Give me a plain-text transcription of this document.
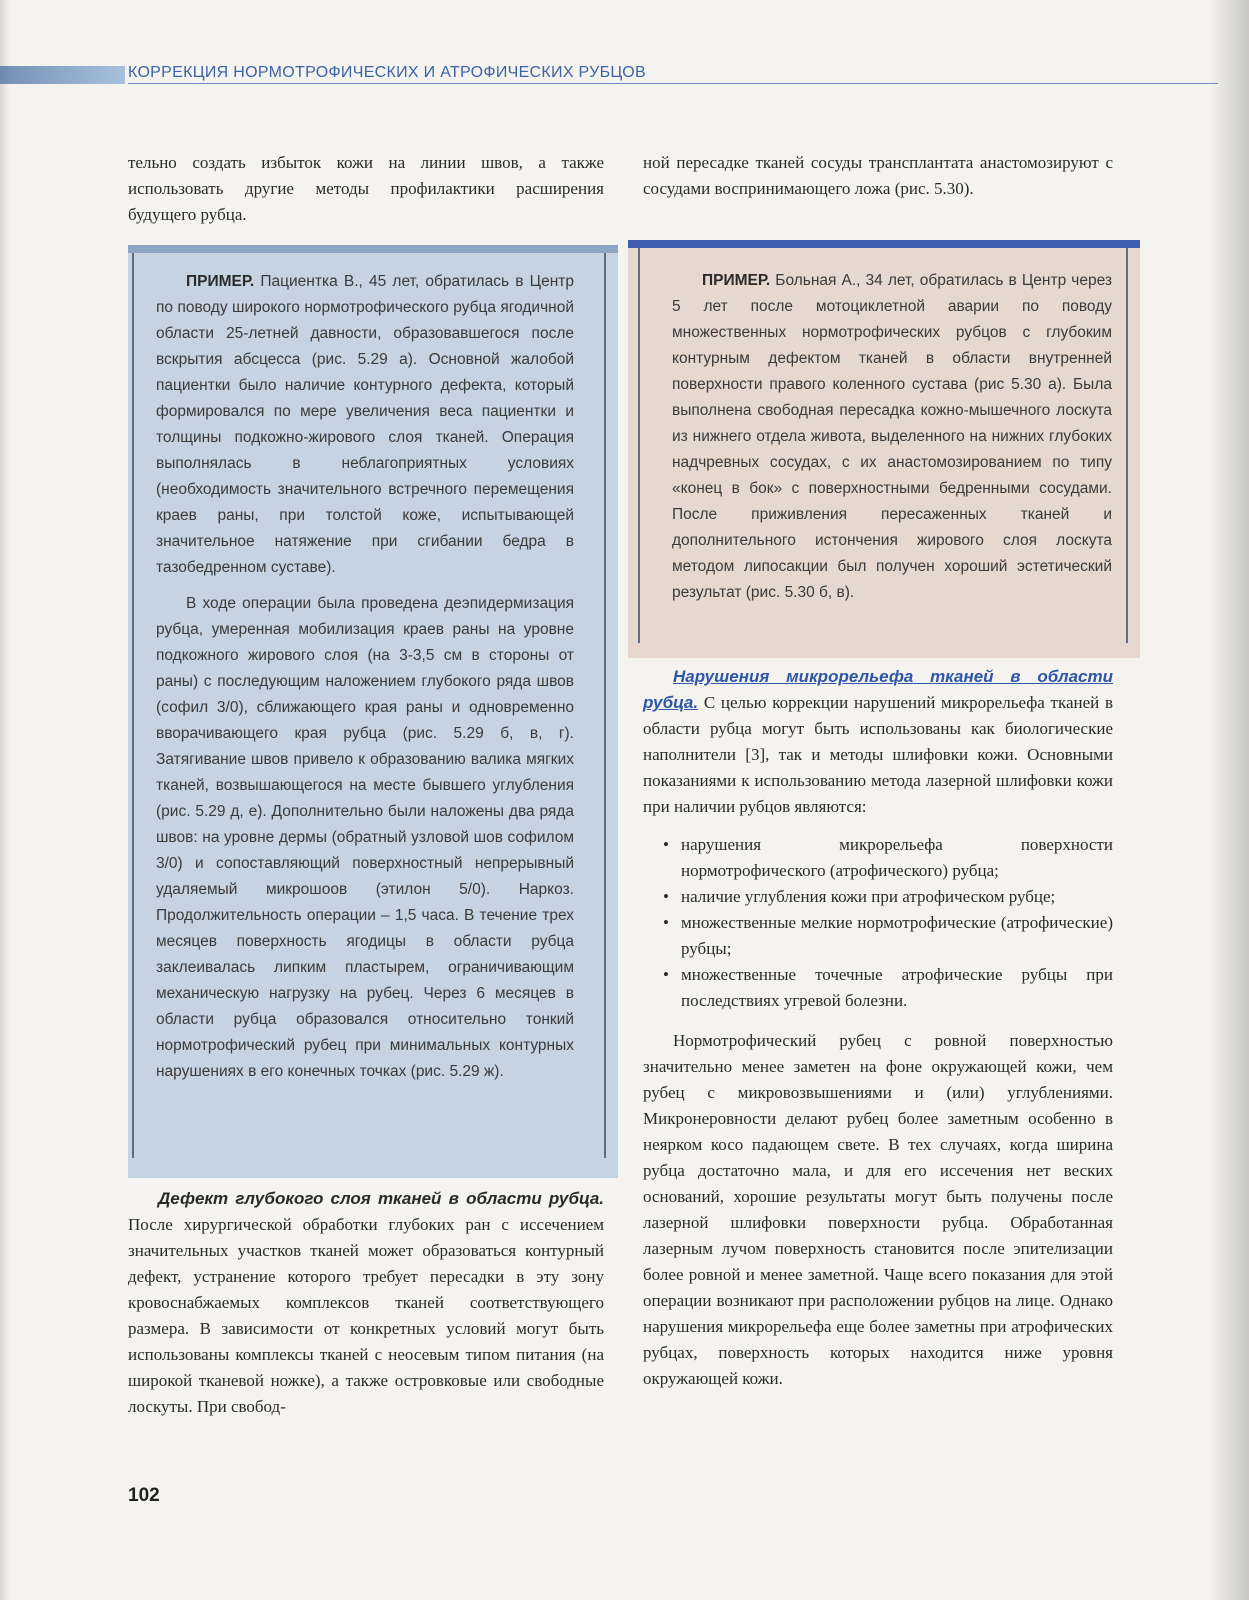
КОРРЕКЦИЯ НОРМОТРОФИЧЕСКИХ И АТРОФИЧЕСКИХ РУБЦОВ

тельно создать избыток кожи на линии швов, а также использовать другие методы профилактики расширения будущего рубца.

ПРИМЕР. Пациентка В., 45 лет, обратилась в Центр по поводу широкого нормотрофического рубца ягодичной области 25-летней давности, образовавшегося после вскрытия абсцесса (рис. 5.29 а). Основной жалобой пациентки было наличие контурного дефекта, который формировался по мере увеличения веса пациентки и толщины подкожно-жирового слоя тканей. Операция выполнялась в неблагоприятных условиях (необходимость значительного встречного перемещения краев раны, при толстой коже, испытывающей значительное натяжение при сгибании бедра в тазобедренном суставе).

В ходе операции была проведена деэпидермизация рубца, умеренная мобилизация краев раны на уровне подкожного жирового слоя (на 3-3,5 см в стороны от раны) с последующим наложением глубокого ряда швов (софил 3/0), сближающего края раны и одновременно вворачивающего края рубца (рис. 5.29 б, в, г). Затягивание швов привело к образованию валика мягких тканей, возвышающегося на месте бывшего углубления (рис. 5.29 д, е). Дополнительно были наложены два ряда швов: на уровне дермы (обратный узловой шов софилом 3/0) и сопоставляющий поверхностный непрерывный удаляемый микрошоов (этилон 5/0). Наркоз. Продолжительность операции – 1,5 часа. В течение трех месяцев поверхность ягодицы в области рубца заклеивалась липким пластырем, ограничивающим механическую нагрузку на рубец. Через 6 месяцев в области рубца образовался относительно тонкий нормотрофический рубец при минимальных контурных нарушениях в его конечных точках (рис. 5.29 ж).

Дефект глубокого слоя тканей в области рубца. После хирургической обработки глубоких ран с иссечением значительных участков тканей может образоваться контурный дефект, устранение которого требует пересадки в эту зону кровоснабжаемых комплексов тканей соответствующего размера. В зависимости от конкретных условий могут быть использованы комплексы тканей с неосевым типом питания (на широкой тканевой ножке), а также островковые или свободные лоскуты. При свобод-

ной пересадке тканей сосуды трансплантата анастомозируют с сосудами воспринимающего ложа (рис. 5.30).

ПРИМЕР. Больная А., 34 лет, обратилась в Центр через 5 лет после мотоциклетной аварии по поводу множественных нормотрофических рубцов с глубоким контурным дефектом тканей в области внутренней поверхности правого коленного сустава (рис 5.30 а). Была выполнена свободная пересадка кожно-мышечного лоскута из нижнего отдела живота, выделенного на нижних глубоких надчревных сосудах, с их анастомозированием по типу «конец в бок» с поверхностными бедренными сосудами. После приживления пересаженных тканей и дополнительного истончения жирового слоя лоскута методом липосакции был получен хороший эстетический результат (рис. 5.30 б, в).

Нарушения микрорельефа тканей в области рубца. С целью коррекции нарушений микрорельефа тканей в области рубца могут быть использованы как биологические наполнители [3], так и методы шлифовки кожи. Основными показаниями к использованию метода лазерной шлифовки кожи при наличии рубцов являются:

• нарушения микрорельефа поверхности нормотрофического (атрофического) рубца;
• наличие углубления кожи при атрофическом рубце;
• множественные мелкие нормотрофические (атрофические) рубцы;
• множественные точечные атрофические рубцы при последствиях угревой болезни.

Нормотрофический рубец с ровной поверхностью значительно менее заметен на фоне окружающей кожи, чем рубец с микровозвышениями и (или) углублениями. Микронеровности делают рубец более заметным особенно в неярком косо падающем свете. В тех случаях, когда ширина рубца достаточно мала, и для его иссечения нет веских оснований, хорошие результаты могут быть получены после лазерной шлифовки поверхности рубца. Обработанная лазерным лучом поверхность становится после эпителизации более ровной и менее заметной. Чаще всего показания для этой операции возникают при расположении рубцов на лице. Однако нарушения микрорельефа еще более заметны при атрофических рубцах, поверхность которых находится ниже уровня окружающей кожи.

102
